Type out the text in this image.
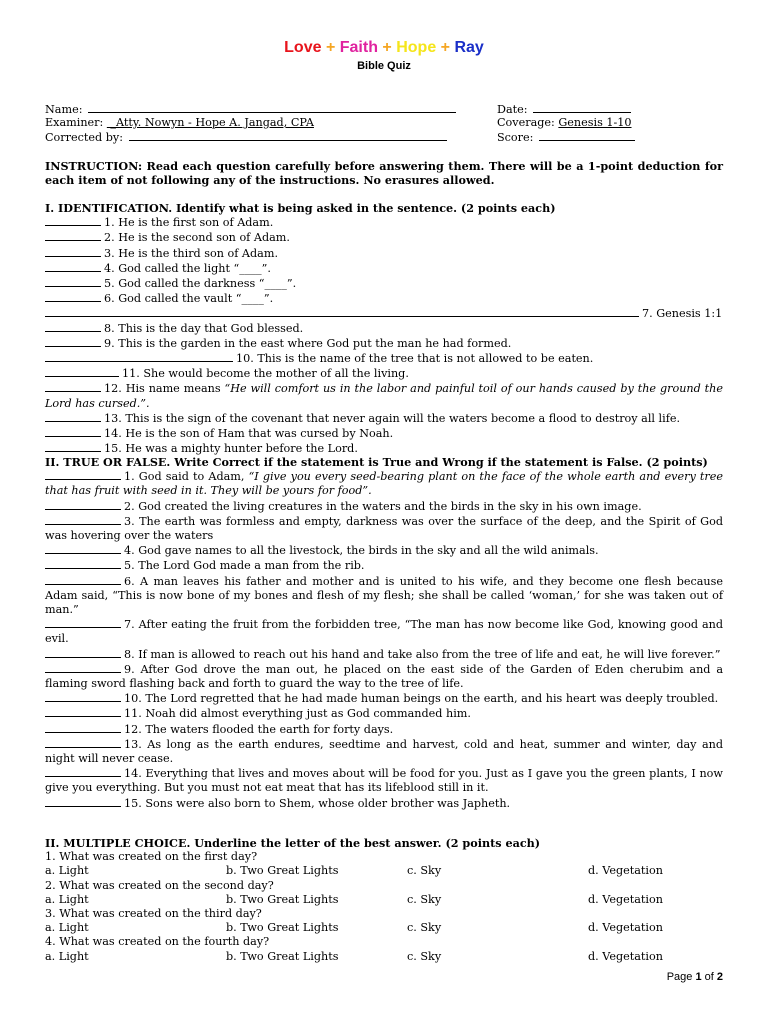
Love + Faith + Hope + Ray
Bible Quiz
Name:
Examiner:  _Atty. Nowyn - Hope A. Jangad, CPA
Corrected by:
Date:
Coverage: Genesis 1-10
Score:

INSTRUCTION: Read each question carefully before answering them. There will be a 1-point deduction for each item of not following any of the instructions. No erasures allowed.

I. IDENTIFICATION. Identify what is being asked in the sentence. (2 points each)

1. He is the first son of Adam.

2. He is the second son of Adam.

3. He is the third son of Adam.

4. God called the light “____”.

5. God called the darkness “____”.

6. God called the vault “____”.

7. Genesis 1:1

8. This is the day that God blessed.

9. This is the garden in the east where God put the man he had formed.

10. This is the name of the tree that is not allowed to be eaten.

11. She would become the mother of all the living.

12. His name means “He will comfort us in the labor and painful toil of our hands caused by the ground the Lord has cursed.”.

13. This is the sign of the covenant that never again will the waters become a flood to destroy all life.

14. He is the son of Ham that was cursed by Noah.

15. He was a mighty hunter before the Lord.

II. TRUE OR FALSE. Write Correct if the statement is True and Wrong if the statement is False. (2 points)

1. God said to Adam, “I give you every seed-bearing plant on the face of the whole earth and every tree that has fruit with seed in it. They will be yours for food”.

2. God created the living creatures in the waters and the birds in the sky in his own image.

3. The earth was formless and empty, darkness was over the surface of the deep, and the Spirit of God was hovering over the waters

4. God gave names to all the livestock, the birds in the sky and all the wild animals.

5. The Lord God made a man from the rib.

6. A man leaves his father and mother and is united to his wife, and they become one flesh because Adam said, “This is now bone of my bones and flesh of my flesh; she shall be called ‘woman,’ for she was taken out of man.”

7. After eating the fruit from the forbidden tree, “The man has now become like God, knowing good and evil.

8. If man is allowed to reach out his hand and take also from the tree of life and eat, he will live forever.”

9. After God drove the man out, he placed on the east side of the Garden of Eden cherubim and a flaming sword flashing back and forth to guard the way to the tree of life.

10. The Lord regretted that he had made human beings on the earth, and his heart was deeply troubled.

11. Noah did almost everything just as God commanded him.

12. The waters flooded the earth for forty days.

13. As long as the earth endures, seedtime and harvest, cold and heat, summer and winter, day and night will never cease.

14. Everything that lives and moves about will be food for you. Just as I gave you the green plants, I now give you everything. But you must not eat meat that has its lifeblood still in it.

15. Sons were also born to Shem, whose older brother was Japheth.

II. MULTIPLE CHOICE. Underline the letter of the best answer. (2 points each)

1. What was created on the first day?

a. Light	b. Two Great Lights	c. Sky	d. Vegetation

2. What was created on the second day?

a. Light	b. Two Great Lights	c. Sky	d. Vegetation

3. What was created on the third day?

a. Light	b. Two Great Lights	c. Sky	d. Vegetation

4. What was created on the fourth day?

a. Light	b. Two Great Lights	c. Sky	d. Vegetation
Page 1 of 2
